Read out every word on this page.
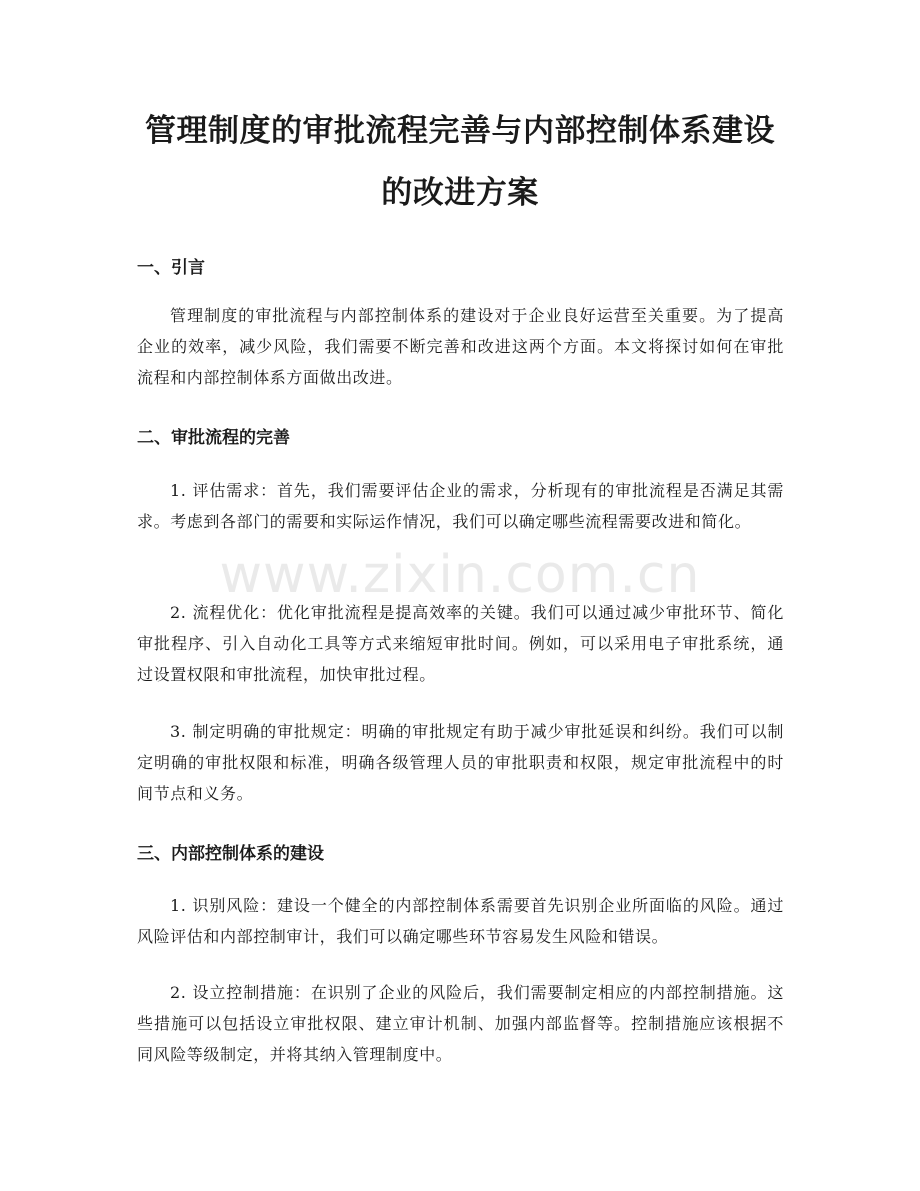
管理制度的审批流程完善与内部控制体系建设的改进方案
一、引言

管理制度的审批流程与内部控制体系的建设对于企业良好运营至关重要。为了提高企业的效率，减少风险，我们需要不断完善和改进这两个方面。本文将探讨如何在审批流程和内部控制体系方面做出改进。

二、审批流程的完善

1. 评估需求：首先，我们需要评估企业的需求，分析现有的审批流程是否满足其需求。考虑到各部门的需要和实际运作情况，我们可以确定哪些流程需要改进和简化。

2. 流程优化：优化审批流程是提高效率的关键。我们可以通过减少审批环节、简化审批程序、引入自动化工具等方式来缩短审批时间。例如，可以采用电子审批系统，通过设置权限和审批流程，加快审批过程。

3. 制定明确的审批规定：明确的审批规定有助于减少审批延误和纠纷。我们可以制定明确的审批权限和标准，明确各级管理人员的审批职责和权限，规定审批流程中的时间节点和义务。

三、内部控制体系的建设

1. 识别风险：建设一个健全的内部控制体系需要首先识别企业所面临的风险。通过风险评估和内部控制审计，我们可以确定哪些环节容易发生风险和错误。

2. 设立控制措施：在识别了企业的风险后，我们需要制定相应的内部控制措施。这些措施可以包括设立审批权限、建立审计机制、加强内部监督等。控制措施应该根据不同风险等级制定，并将其纳入管理制度中。

www.zixin.com.cn
